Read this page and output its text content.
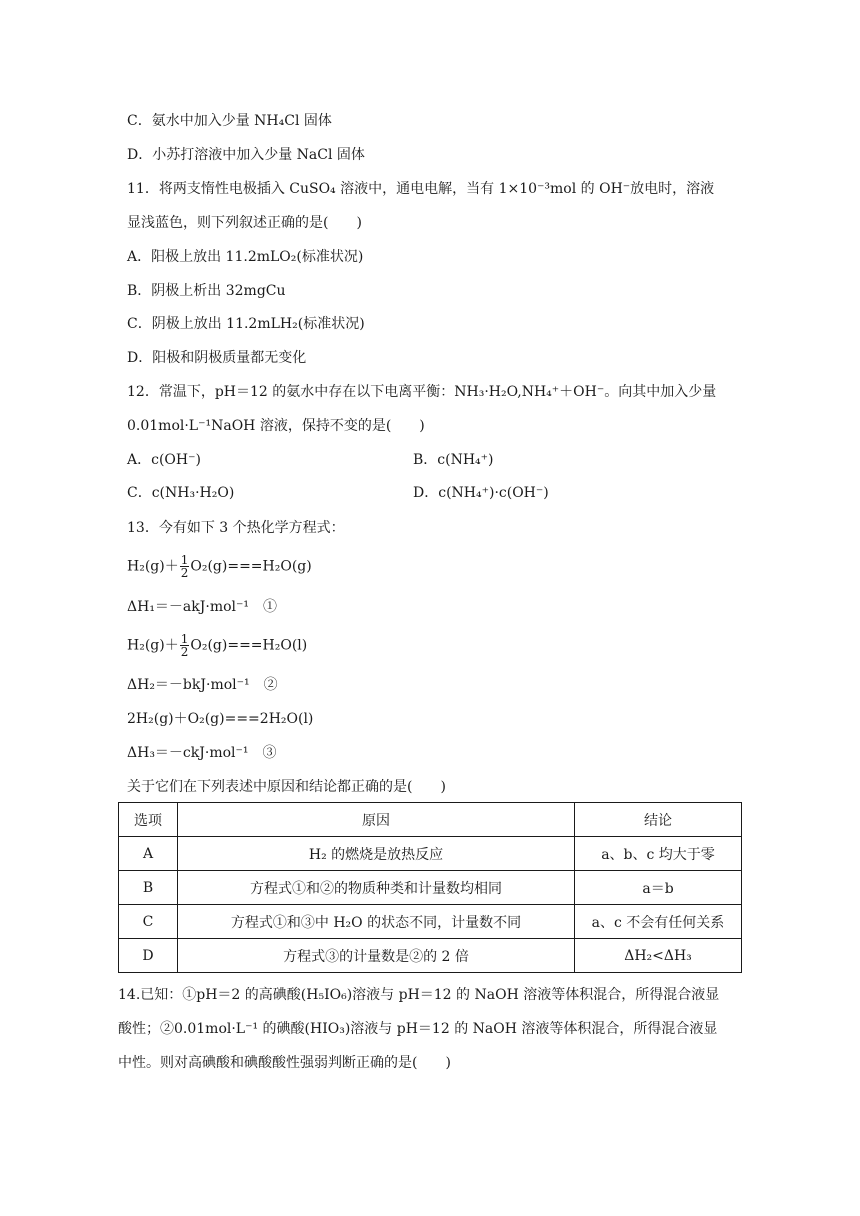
C．氨水中加入少量 NH₄Cl 固体
D．小苏打溶液中加入少量 NaCl 固体
11．将两支惰性电极插入 CuSO₄ 溶液中，通电电解，当有 1×10⁻³mol 的 OH⁻放电时，溶液
显浅蓝色，则下列叙述正确的是(　　)
A．阳极上放出 11.2mLO₂(标准状况)
B．阴极上析出 32mgCu
C．阴极上放出 11.2mLH₂(标准状况)
D．阳极和阴极质量都无变化
12．常温下，pH＝12 的氨水中存在以下电离平衡：NH₃·H₂O,NH₄⁺＋OH⁻。向其中加入少量
0.01mol·L⁻¹NaOH 溶液，保持不变的是(　　)
A．c(OH⁻)	B．c(NH₄⁺)
C．c(NH₃·H₂O)	D．c(NH₄⁺)·c(OH⁻)
13．今有如下 3 个热化学方程式：
$H_2(g)+ \frac{1}{2} O_2(g)===H_2O(g)$
ΔH₁＝－akJ·mol⁻¹　①
$H_2(g)+ \frac{1}{2} O_2(g)===H_2O(l)$
ΔH₂＝－bkJ·mol⁻¹　②
2H₂(g)＋O₂(g)===2H₂O(l)
ΔH₃＝－ckJ·mol⁻¹　③
关于它们在下列表述中原因和结论都正确的是(　　)
选项	原因	结论
A	H₂ 的燃烧是放热反应	a、b、c 均大于零
B	方程式①和②的物质种类和计量数均相同	a＝b
C	方程式①和③中 H₂O 的状态不同，计量数不同	a、c 不会有任何关系
D	方程式③的计量数是②的 2 倍	ΔH₂<ΔH₃
14.已知：①pH＝2 的高碘酸(H₅IO₆)溶液与 pH＝12 的 NaOH 溶液等体积混合，所得混合液显
酸性；②0.01mol·L⁻¹ 的碘酸(HIO₃)溶液与 pH＝12 的 NaOH 溶液等体积混合，所得混合液显
中性。则对高碘酸和碘酸酸性强弱判断正确的是(　　)
